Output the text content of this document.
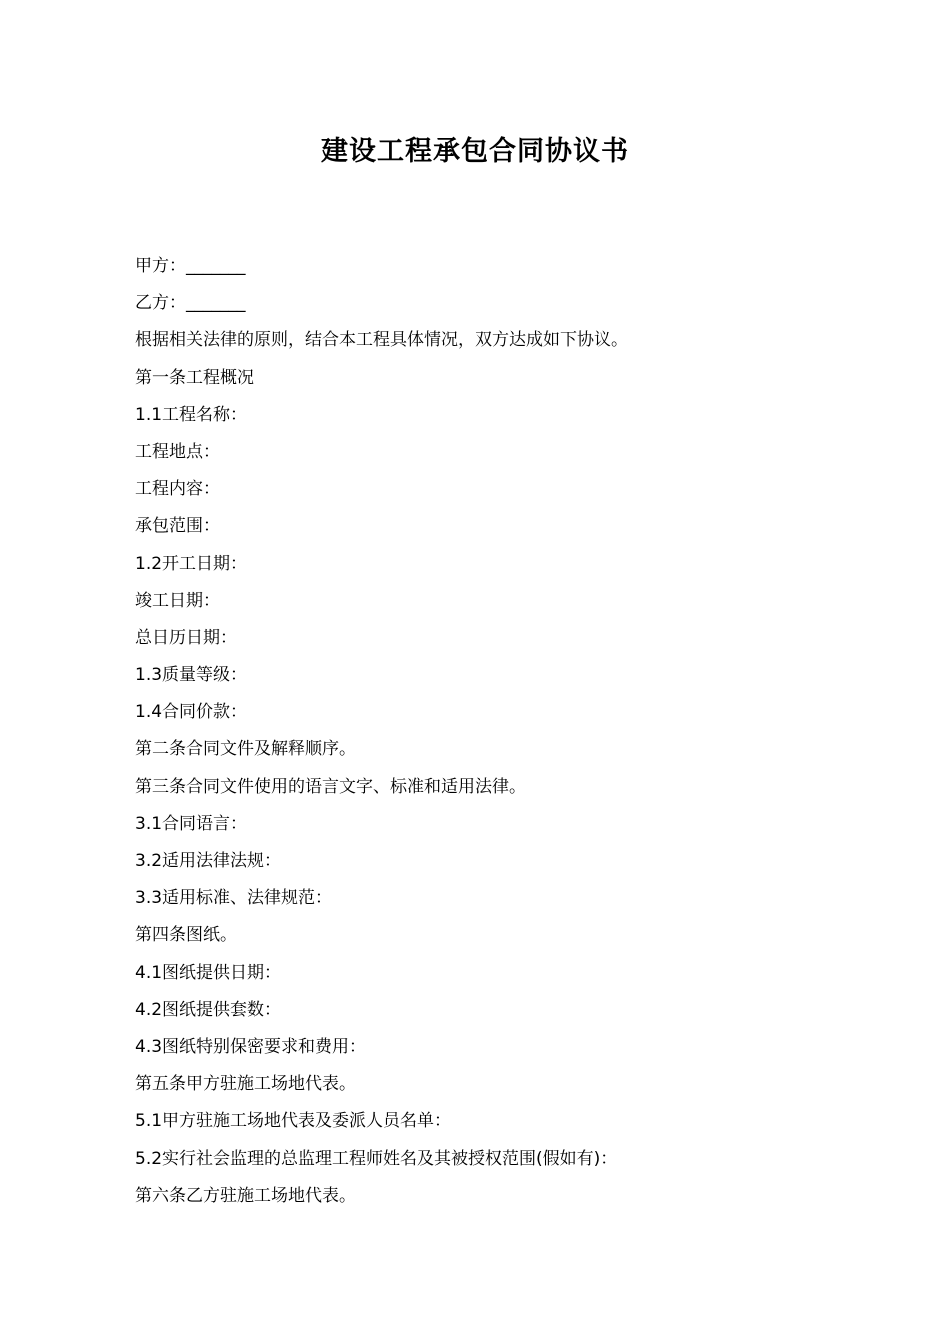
建设工程承包合同协议书
甲方：_______
乙方：_______
根据相关法律的原则，结合本工程具体情况，双方达成如下协议。
第一条工程概况
1.1工程名称：
工程地点：
工程内容：
承包范围：
1.2开工日期：
竣工日期：
总日历日期：
1.3质量等级：
1.4合同价款：
第二条合同文件及解释顺序。
第三条合同文件使用的语言文字、标准和适用法律。
3.1合同语言：
3.2适用法律法规：
3.3适用标准、法律规范：
第四条图纸。
4.1图纸提供日期：
4.2图纸提供套数：
4.3图纸特别保密要求和费用：
第五条甲方驻施工场地代表。
5.1甲方驻施工场地代表及委派人员名单：
5.2实行社会监理的总监理工程师姓名及其被授权范围(假如有)：
第六条乙方驻施工场地代表。
